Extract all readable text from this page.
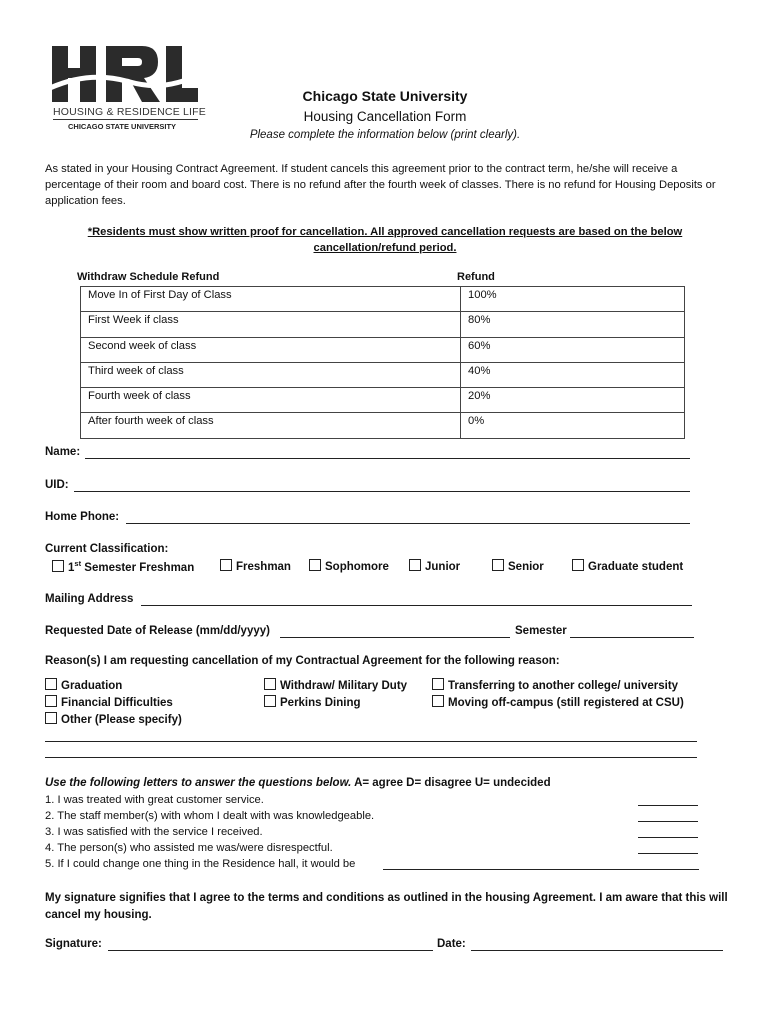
HOUSING & RESIDENCE LIFE
CHICAGO STATE UNIVERSITY
Chicago State University
Housing Cancellation Form
Please complete the information below (print clearly).
As stated in your Housing Contract Agreement. If student cancels this agreement prior to the contract term, he/she will receive a percentage of their room and board cost. There is no refund after the fourth week of classes. There is no refund for Housing Deposits or application fees.
*Residents must show written proof for cancellation. All approved cancellation requests are based on the below cancellation/refund period.
Withdraw Schedule Refund	Refund
Move In of First Day of Class	100%
First Week if class	80%
Second week of class	60%
Third week of class	40%
Fourth week of class	20%
After fourth week of class	0%
Name:
UID:
Home Phone:
Current Classification:
1st Semester Freshman	Freshman	Sophomore	Junior	Senior	Graduate student
Mailing Address
Requested Date of Release (mm/dd/yyyy)	Semester
Reason(s) I am requesting cancellation of my Contractual Agreement for the following reason:
Graduation
Financial Difficulties
Other (Please specify)
Withdraw/ Military Duty
Perkins Dining
Transferring to another college/ university
Moving off-campus (still registered at CSU)
Use the following letters to answer the questions below. A= agree D= disagree U= undecided
1. I was treated with great customer service.
2. The staff member(s) with whom I dealt with was knowledgeable.
3. I was satisfied with the service I received.
4. The person(s) who assisted me was/were disrespectful.
5. If I could change one thing in the Residence hall, it would be
My signature signifies that I agree to the terms and conditions as outlined in the housing Agreement. I am aware that this will cancel my housing.
Signature:	Date:
